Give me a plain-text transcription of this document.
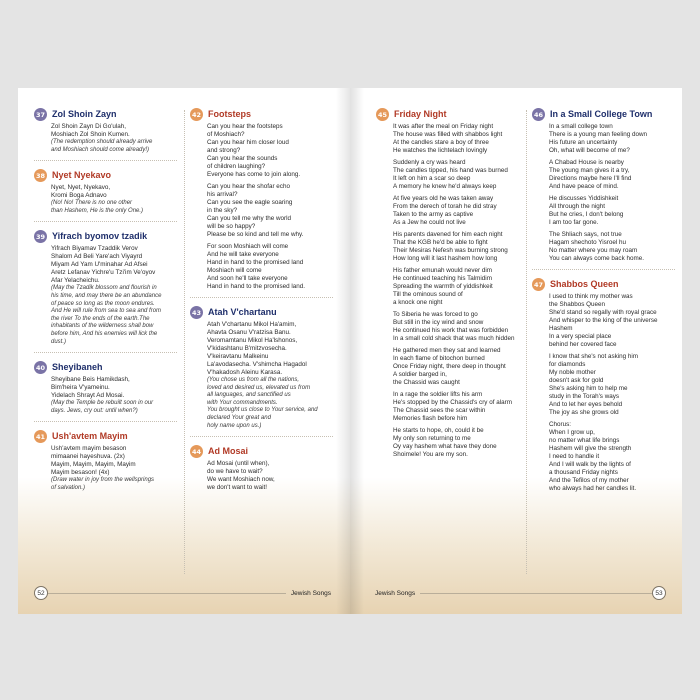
37 Zol Shoin Zayn
Zol Shoin Zayn Di Go'ulah,
Moshiach Zol Shoin Kumen.
(The redemption should already arrive
and Moshiach should come already!)
38 Nyet Nyekavo
Nyet, Nyet, Nyekavo,
Kromi Boga Adnavo
(No! No! There is no one other
than Hashem, He is the only One.)
39 Yifrach byomov tzadik
Yifrach Biyamav Tzaddik Verov
Shalom Ad Beli Yare'ach Viyayrd
Miyam Ad Yam U'minahar Ad Afsei
Aretz Lefanav Yichre'u Tzi'im Ve'oyov
Afar Yelacheichu.
(May the Tzadik blossom and flourish in
his time, and may there be an abundance
of peace so long as the moon endures.
And He will rule from sea to sea and from
the river To the ends of the earth.The
inhabitants of the wilderness shall bow
before him, And his enemies will lick the
dust.)
40 Sheyibaneh
Sheyibane Beis Hamikdash,
Bim'heira V'yameinu.
Yidelach Shrayt Ad Mosai.
(May the Temple be rebuilt soon in our
days. Jews, cry out: until when?)
41 Ush'avtem Mayim
Ush'avtem mayim besason
mimaanei hayeshuva. (2x)
Mayim, Mayim, Mayim, Mayim
Mayim besason! (4x)
(Draw water in joy from the wellsprings
of salvation.)
42 Footsteps
Can you hear the footsteps
of Moshiach?
Can you hear him closer loud
and strong?
Can you hear the sounds
of children laughing?
Everyone has come to join along.
Can you hear the shofar echo
his arrival?
Can you see the eagle soaring
in the sky?
Can you tell me why the world
will be so happy?
Please be so kind and tell me why.
For soon Moshiach will come
And he will take everyone
Hand in hand to the promised land
Moshiach will come
And soon he'll take everyone
Hand in hand to the promised land.
43 Atah V'chartanu
Atah V'chartanu Mikol Ha'amim,
Ahavta Osanu V'ratzisa Banu.
Veromamtanu Mikol Ha'lshonos,
V'kidashtanu B'mitzvosecha.
V'keiravtanu Malkeinu
La'avodasecha. V'shimcha Hagadol
V'hakadosh Aleinu Karasa.
(You chose us from all the nations,
loved and desired us, elevated us from
all languages, and sanctified us
with Your commandments.
You brought us close to Your service, and
declared Your great and
holy name upon us.)
44 Ad Mosai
Ad Mosai (until when),
do we have to wait?
We want Moshiach now,
we don't want to wait!
52	Jewish Songs
45 Friday Night
It was after the meal on Friday night
The house was filled with shabbos light
At the candles stare a boy of three
He watches the lichtelach lovingly
Suddenly a cry was heard
The candles tipped, his hand was burned
It left on him a scar so deep
A memory he knew he'd always keep
At five years old he was taken away
From the derech of torah he did stray
Taken to the army as captive
As a Jew he could not live
His parents davened for him each night
That the KGB he'd be able to fight
Their Mesiras Nefesh was burning strong
How long will it last hashem how long
His father emunah would never dim
He continued teaching his Talmidim
Spreading the warmth of yiddishkeit
Till the ominous sound of
a knock one night
To Siberia he was forced to go
But still in the icy wind and snow
He continued his work that was forbidden
In a small cold shack that was much hidden
He gathered men they sat and learned
In each flame of bitochon burned
Once Friday night, there deep in thought
A soldier barged in,
the Chassid was caught
In a rage the soldier lifts his arm
He's stopped by the Chassid's cry of alarm
The Chassid sees the scar within
Memories flash before him
He starts to hope, oh, could it be
My only son returning to me
Oy vay hashem what have they done
Shoimele! You are my son.
46 In a Small College Town
In a small college town
There is a young man feeling down
His future an uncertainty
Oh, what will become of me?
A Chabad House is nearby
The young man gives it a try,
Directions maybe here I'll find
And have peace of mind.
He discusses Yiddishkeit
All through the night
But he cries, I don't belong
I am too far gone.
The Shliach says, not true
Hagam shechoto Yisroel hu
No matter where you may roam
You can always come back home.
47 Shabbos Queen
I used to think my mother was
the Shabbos Queen
She'd stand so regally with royal grace
And whisper to the king of the universe
Hashem
In a very special place
behind her covered face
I know that she's not asking him
for diamonds
My noble mother
doesn't ask for gold
She's asking him to help me
study in the Torah's ways
And to let her eyes behold
The joy as she grows old
Chorus:
When I grow up,
no matter what life brings
Hashem will give the strength
I need to handle it
And I will walk by the lights of
a thousand Friday nights
And the Tefilos of my mother
who always had her candles lit.
Jewish Songs	53
